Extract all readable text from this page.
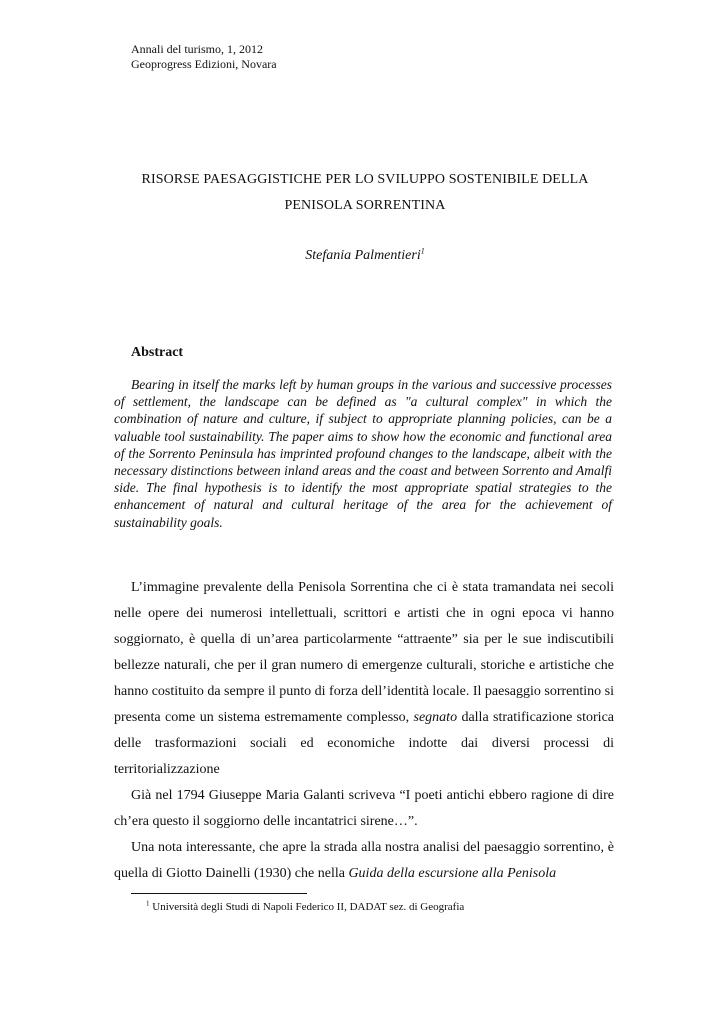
Annali del turismo, 1, 2012
Geoprogress Edizioni, Novara
RISORSE PAESAGGISTICHE PER LO SVILUPPO SOSTENIBILE DELLA
PENISOLA SORRENTINA
Stefania Palmentieri$^1$
Abstract

Bearing in itself the marks left by human groups in the various and successive processes of settlement, the landscape can be defined as "a cultural complex" in which the combination of nature and culture, if subject to appropriate planning policies, can be a valuable tool sustainability. The paper aims to show how the economic and functional area of the Sorrento Peninsula has imprinted profound changes to the landscape, albeit with the necessary distinctions between inland areas and the coast and between Sorrento and Amalfi side. The final hypothesis is to identify the most appropriate spatial strategies to the enhancement of natural and cultural heritage of the area for the achievement of sustainability goals.

L’immagine prevalente della Penisola Sorrentina che ci è stata tramandata nei secoli nelle opere dei numerosi intellettuali, scrittori e artisti che in ogni epoca vi hanno soggiornato, è quella di un’area particolarmente “attraente” sia per le sue indiscutibili bellezze naturali, che per il gran numero di emergenze culturali, storiche e artistiche che hanno costituito da sempre il punto di forza dell’identità locale. Il paesaggio sorrentino si presenta come un sistema estremamente complesso, segnato dalla stratificazione storica delle trasformazioni sociali ed economiche indotte dai diversi processi di territorializzazione

Già nel 1794 Giuseppe Maria Galanti scriveva “I poeti antichi ebbero ragione di dire ch’era questo il soggiorno delle incantatrici sirene…”.

Una nota interessante, che apre la strada alla nostra analisi del paesaggio sorrentino, è quella di Giotto Dainelli (1930) che nella Guida della escursione alla Penisola

$^1$ Università degli Studi di Napoli Federico II, DADAT sez. di Geografia
